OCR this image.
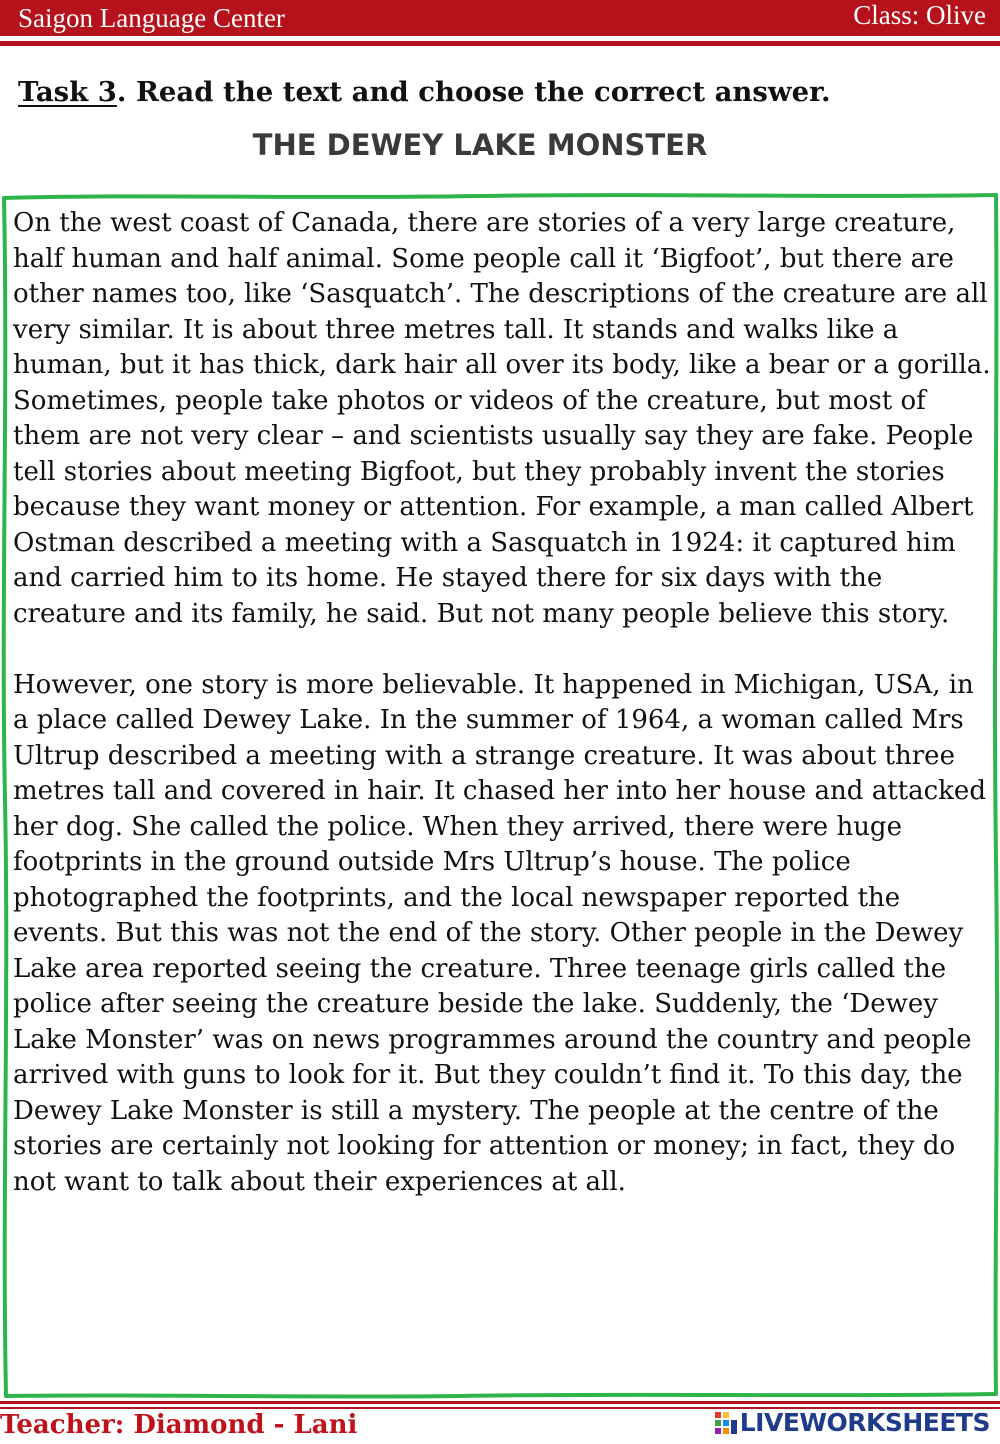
Saigon Language Center	Class: Olive
Task 3. Read the text and choose the correct answer.
THE DEWEY LAKE MONSTER

On the west coast of Canada, there are stories of a very large creature, half human and half animal. Some people call it ‘Bigfoot’, but there are other names too, like ‘Sasquatch’. The descriptions of the creature are all very similar. It is about three metres tall. It stands and walks like a human, but it has thick, dark hair all over its body, like a bear or a gorilla. Sometimes, people take photos or videos of the creature, but most of them are not very clear – and scientists usually say they are fake. People tell stories about meeting Bigfoot, but they probably invent the stories because they want money or attention. For example, a man called Albert Ostman described a meeting with a Sasquatch in 1924: it captured him and carried him to its home. He stayed there for six days with the creature and its family, he said. But not many people believe this story.

However, one story is more believable. It happened in Michigan, USA, in a place called Dewey Lake. In the summer of 1964, a woman called Mrs Ultrup described a meeting with a strange creature. It was about three metres tall and covered in hair. It chased her into her house and attacked her dog. She called the police. When they arrived, there were huge footprints in the ground outside Mrs Ultrup’s house. The police photographed the footprints, and the local newspaper reported the events. But this was not the end of the story. Other people in the Dewey Lake area reported seeing the creature. Three teenage girls called the police after seeing the creature beside the lake. Suddenly, the ‘Dewey Lake Monster’ was on news programmes around the country and people arrived with guns to look for it. But they couldn’t find it. To this day, the Dewey Lake Monster is still a mystery. The people at the centre of the stories are certainly not looking for attention or money; in fact, they do not want to talk about their experiences at all.

Teacher: Diamond - Lani	LIVEWORKSHEETS
